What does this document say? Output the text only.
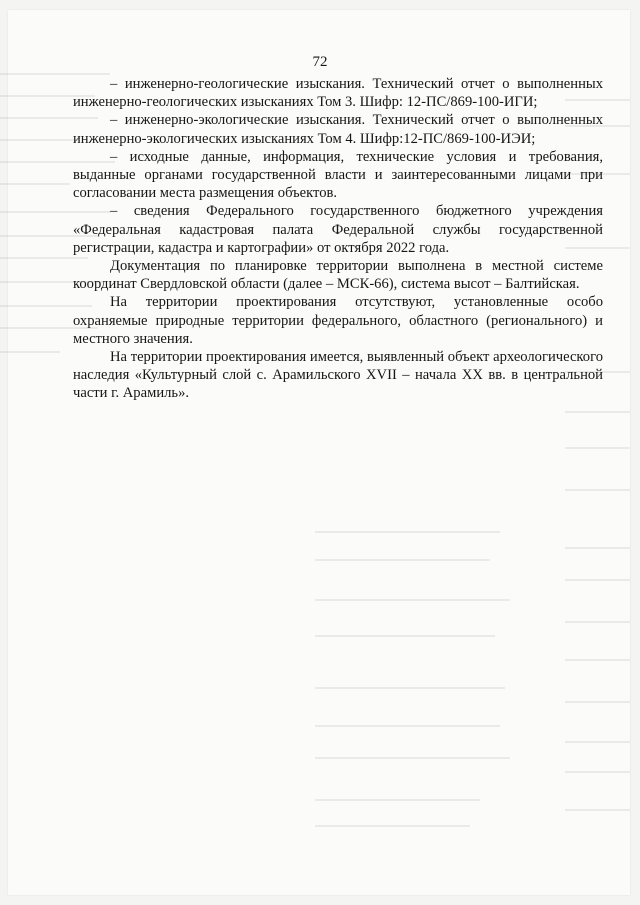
72

– инженерно-геологические изыскания. Технический отчет о выполненных инженерно-геологических изысканиях Том 3. Шифр: 12-ПС/869-100-ИГИ;

– инженерно-экологические изыскания. Технический отчет о выполненных инженерно-экологических изысканиях Том 4. Шифр:12-ПС/869-100-ИЭИ;

– исходные данные, информация, технические условия и требования, выданные органами государственной власти и заинтересованными лицами при согласовании места размещения объектов.

– сведения Федерального государственного бюджетного учреждения «Федеральная кадастровая палата Федеральной службы государственной регистрации, кадастра и картографии» от октября 2022 года.

Документация по планировке территории выполнена в местной системе координат Свердловской области (далее – МСК-66), система высот – Балтийская.

На территории проектирования отсутствуют, установленные особо охраняемые природные территории федерального, областного (регионального) и местного значения.

На территории проектирования имеется, выявленный объект археологического наследия «Культурный слой с. Арамильского XVII – начала XX вв. в центральной части г. Арамиль».
